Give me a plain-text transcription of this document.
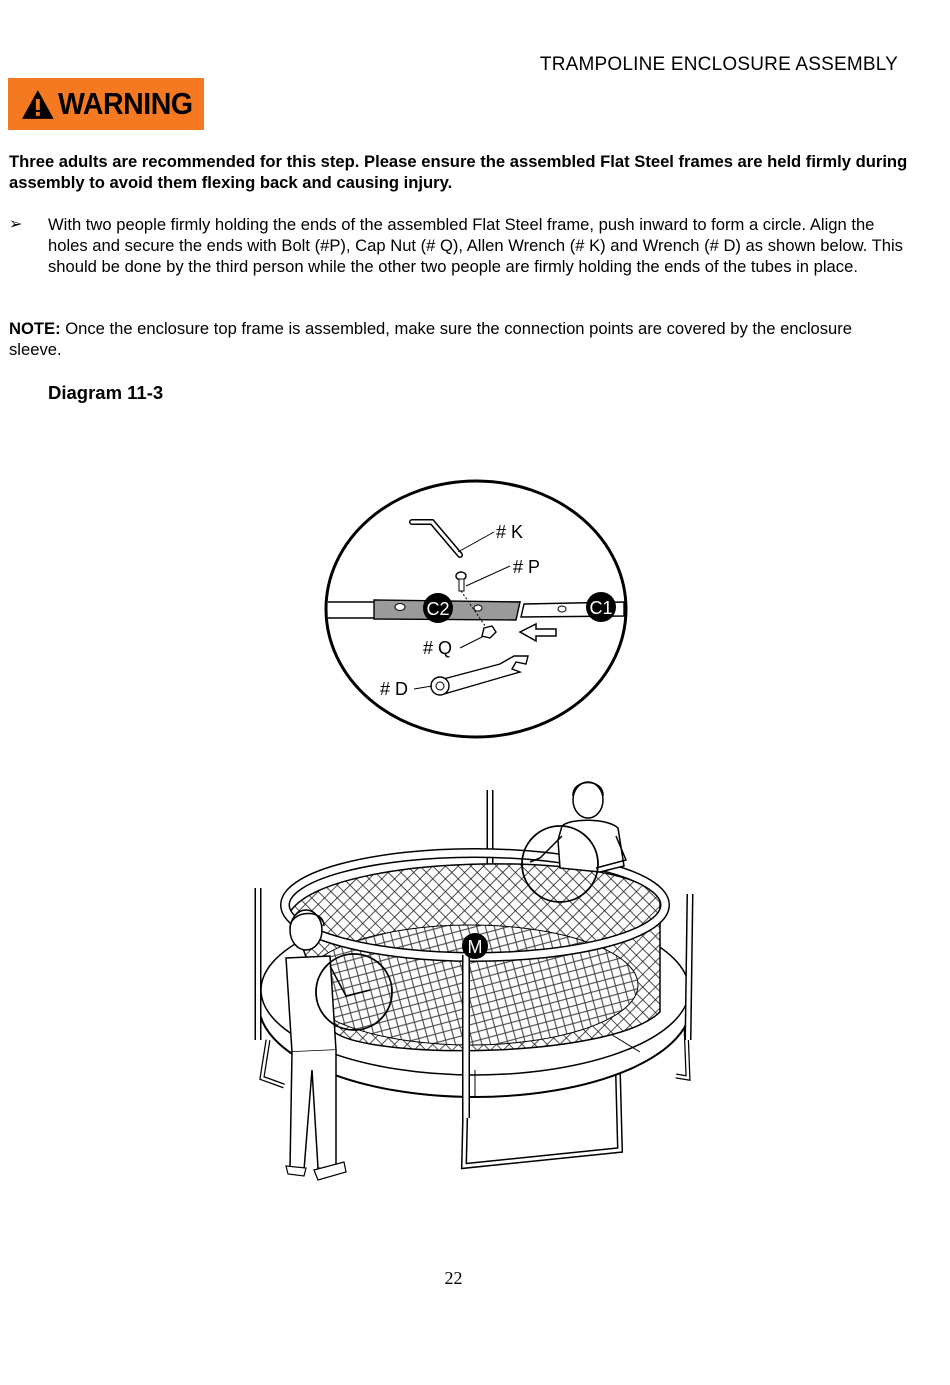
TRAMPOLINE ENCLOSURE ASSEMBLY
WARNING
Three adults are recommended for this step. Please ensure the assembled Flat Steel frames are held firmly during assembly to avoid them flexing back and causing injury.
➢ With two people firmly holding the ends of the assembled Flat Steel frame, push inward to form a circle. Align the holes and secure the ends with Bolt (#P), Cap Nut (# Q), Allen Wrench (# K) and Wrench (# D) as shown below. This should be done by the third person while the other two people are firmly holding the ends of the tubes in place.
NOTE: Once the enclosure top frame is assembled, make sure the connection points are covered by the enclosure sleeve.
Diagram 11-3
# K
# P
# Q
# D
C2	C1
M
22
